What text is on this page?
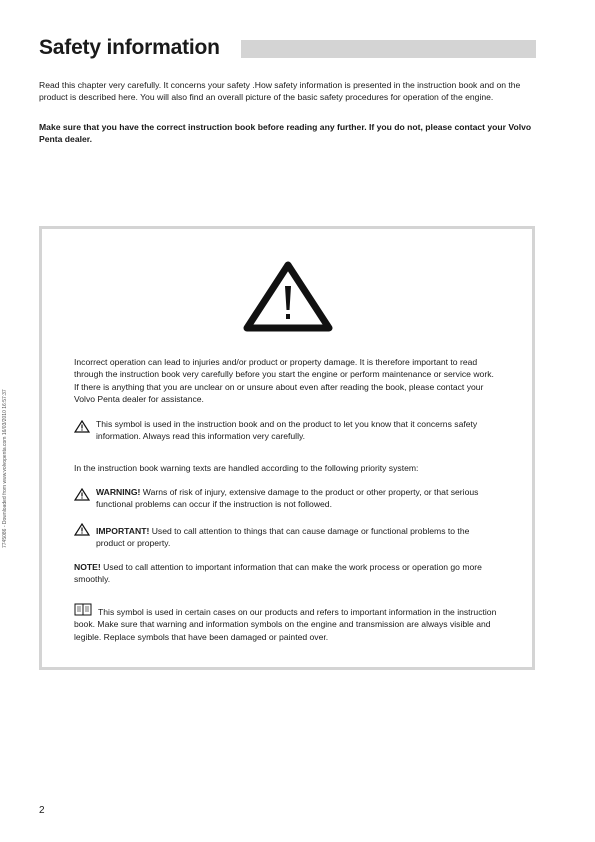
Safety information

Read this chapter very carefully. It concerns your safety .How safety information is presented in the instruction book and on the product is described here. You will also find an overall picture of the basic safety procedures for operation of the engine.

Make sure that you have the correct instruction book before reading any further. If you do not, please contact your Volvo Penta dealer.

7745086 - Downloaded from www.volvopenta.com 16/03/2010 16:57:37

Incorrect operation can lead to injuries and/or product or property damage. It is therefore important to read through the instruction book very carefully before you start the engine or perform maintenance or service work. If there is anything that you are unclear on or unsure about even after reading the book, please contact your Volvo Penta dealer for assistance.

This symbol is used in the instruction book and on the product to let you know that it concerns safety information. Always read this information very carefully.

In the instruction book warning texts are handled according to the following priority system:

WARNING! Warns of risk of injury, extensive damage to the product or other property, or that serious functional problems can occur if the instruction is not followed.

IMPORTANT! Used to call attention to things that can cause damage or functional problems to the product or property.

NOTE! Used to call attention to important information that can make the work process or operation go more smoothly.

This symbol is used in certain cases on our products and refers to important information in the instruction book. Make sure that warning and information symbols on the engine and transmission are always visible and legible. Replace symbols that have been damaged or painted over.

2
